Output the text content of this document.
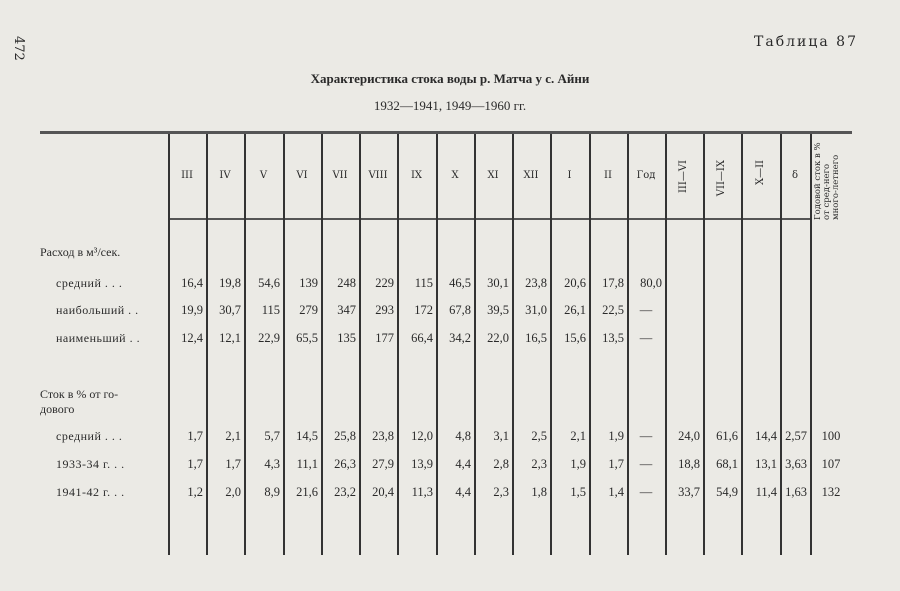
472	Таблица 87
Характеристика стока воды р. Матча у с. Айни
1932—1941, 1949—1960 гг.
III	IV	V	VI	VII	VIII	IX	X	XI	XII	I	II	Год	III—VI	VII—IX	X—II	δ	Годовой сток в % от сред-него много-летнего
Расход в м³/сек.
средний . . .	16,4	19,8	54,6	139	248	229	115	46,5	30,1	23,8	20,6	17,8	80,0
наибольший . .	19,9	30,7	115	279	347	293	172	67,8	39,5	31,0	26,1	22,5	—
наименьший . .	12,4	12,1	22,9	65,5	135	177	66,4	34,2	22,0	16,5	15,6	13,5	—
Сток в % от го-
дового
средний . . .	1,7	2,1	5,7	14,5	25,8	23,8	12,0	4,8	3,1	2,5	2,1	1,9	—	24,0	61,6	14,4 2,57	100
1933-34 г. . .	1,7	1,7	4,3	11,1	26,3	27,9	13,9	4,4	2,8	2,3	1,9	1,7	—	18,8	68,1	13,1 3,63	107
1941-42 г. . .	1,2	2,0	8,9	21,6	23,2	20,4	11,3	4,4	2,3	1,8	1,5	1,4	—	33,7	54,9	11,4 1,63	132
